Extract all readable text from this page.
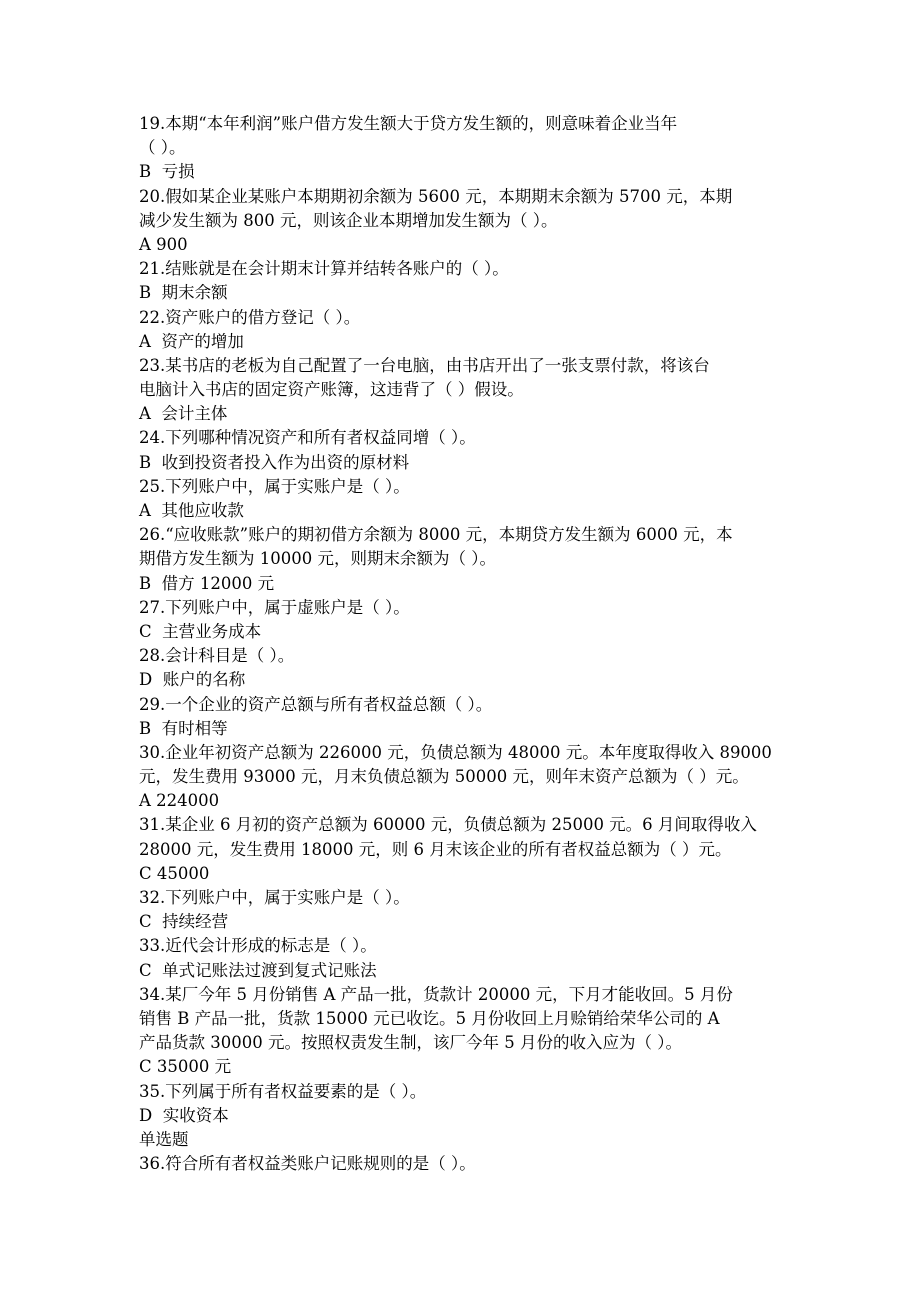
19.本期“本年利润”账户借方发生额大于贷方发生额的，则意味着企业当年
（ ）。
B  亏损
20.假如某企业某账户本期期初余额为 5600 元，本期期末余额为 5700 元，本期
减少发生额为 800 元，则该企业本期增加发生额为（ ）。
A 900
21.结账就是在会计期末计算并结转各账户的（ ）。
B  期末余额
22.资产账户的借方登记（ ）。
A  资产的增加
23.某书店的老板为自己配置了一台电脑，由书店开出了一张支票付款，将该台
电脑计入书店的固定资产账簿，这违背了（ ）假设。
A  会计主体
24.下列哪种情况资产和所有者权益同增（ ）。
B  收到投资者投入作为出资的原材料
25.下列账户中，属于实账户是（ ）。
A  其他应收款
26.“应收账款”账户的期初借方余额为 8000 元，本期贷方发生额为 6000 元，本
期借方发生额为 10000 元，则期末余额为（ ）。
B  借方 12000 元
27.下列账户中，属于虚账户是（ ）。
C  主营业务成本
28.会计科目是（ ）。
D  账户的名称
29.一个企业的资产总额与所有者权益总额（ ）。
B  有时相等
30.企业年初资产总额为 226000 元，负债总额为 48000 元。本年度取得收入 89000
元，发生费用 93000 元，月末负债总额为 50000 元，则年末资产总额为（ ）元。
A 224000
31.某企业 6 月初的资产总额为 60000 元，负债总额为 25000 元。6 月间取得收入
28000 元，发生费用 18000 元，则 6 月末该企业的所有者权益总额为（ ）元。
C 45000
32.下列账户中，属于实账户是（ ）。
C  持续经营
33.近代会计形成的标志是（ ）。
C  单式记账法过渡到复式记账法
34.某厂今年 5 月份销售 A 产品一批，货款计 20000 元，下月才能收回。5 月份
销售 B 产品一批，货款 15000 元已收讫。5 月份收回上月赊销给荣华公司的 A
产品货款 30000 元。按照权责发生制，该厂今年 5 月份的收入应为（ ）。
C 35000 元
35.下列属于所有者权益要素的是（ ）。
D  实收资本
单选题
36.符合所有者权益类账户记账规则的是（ ）。
